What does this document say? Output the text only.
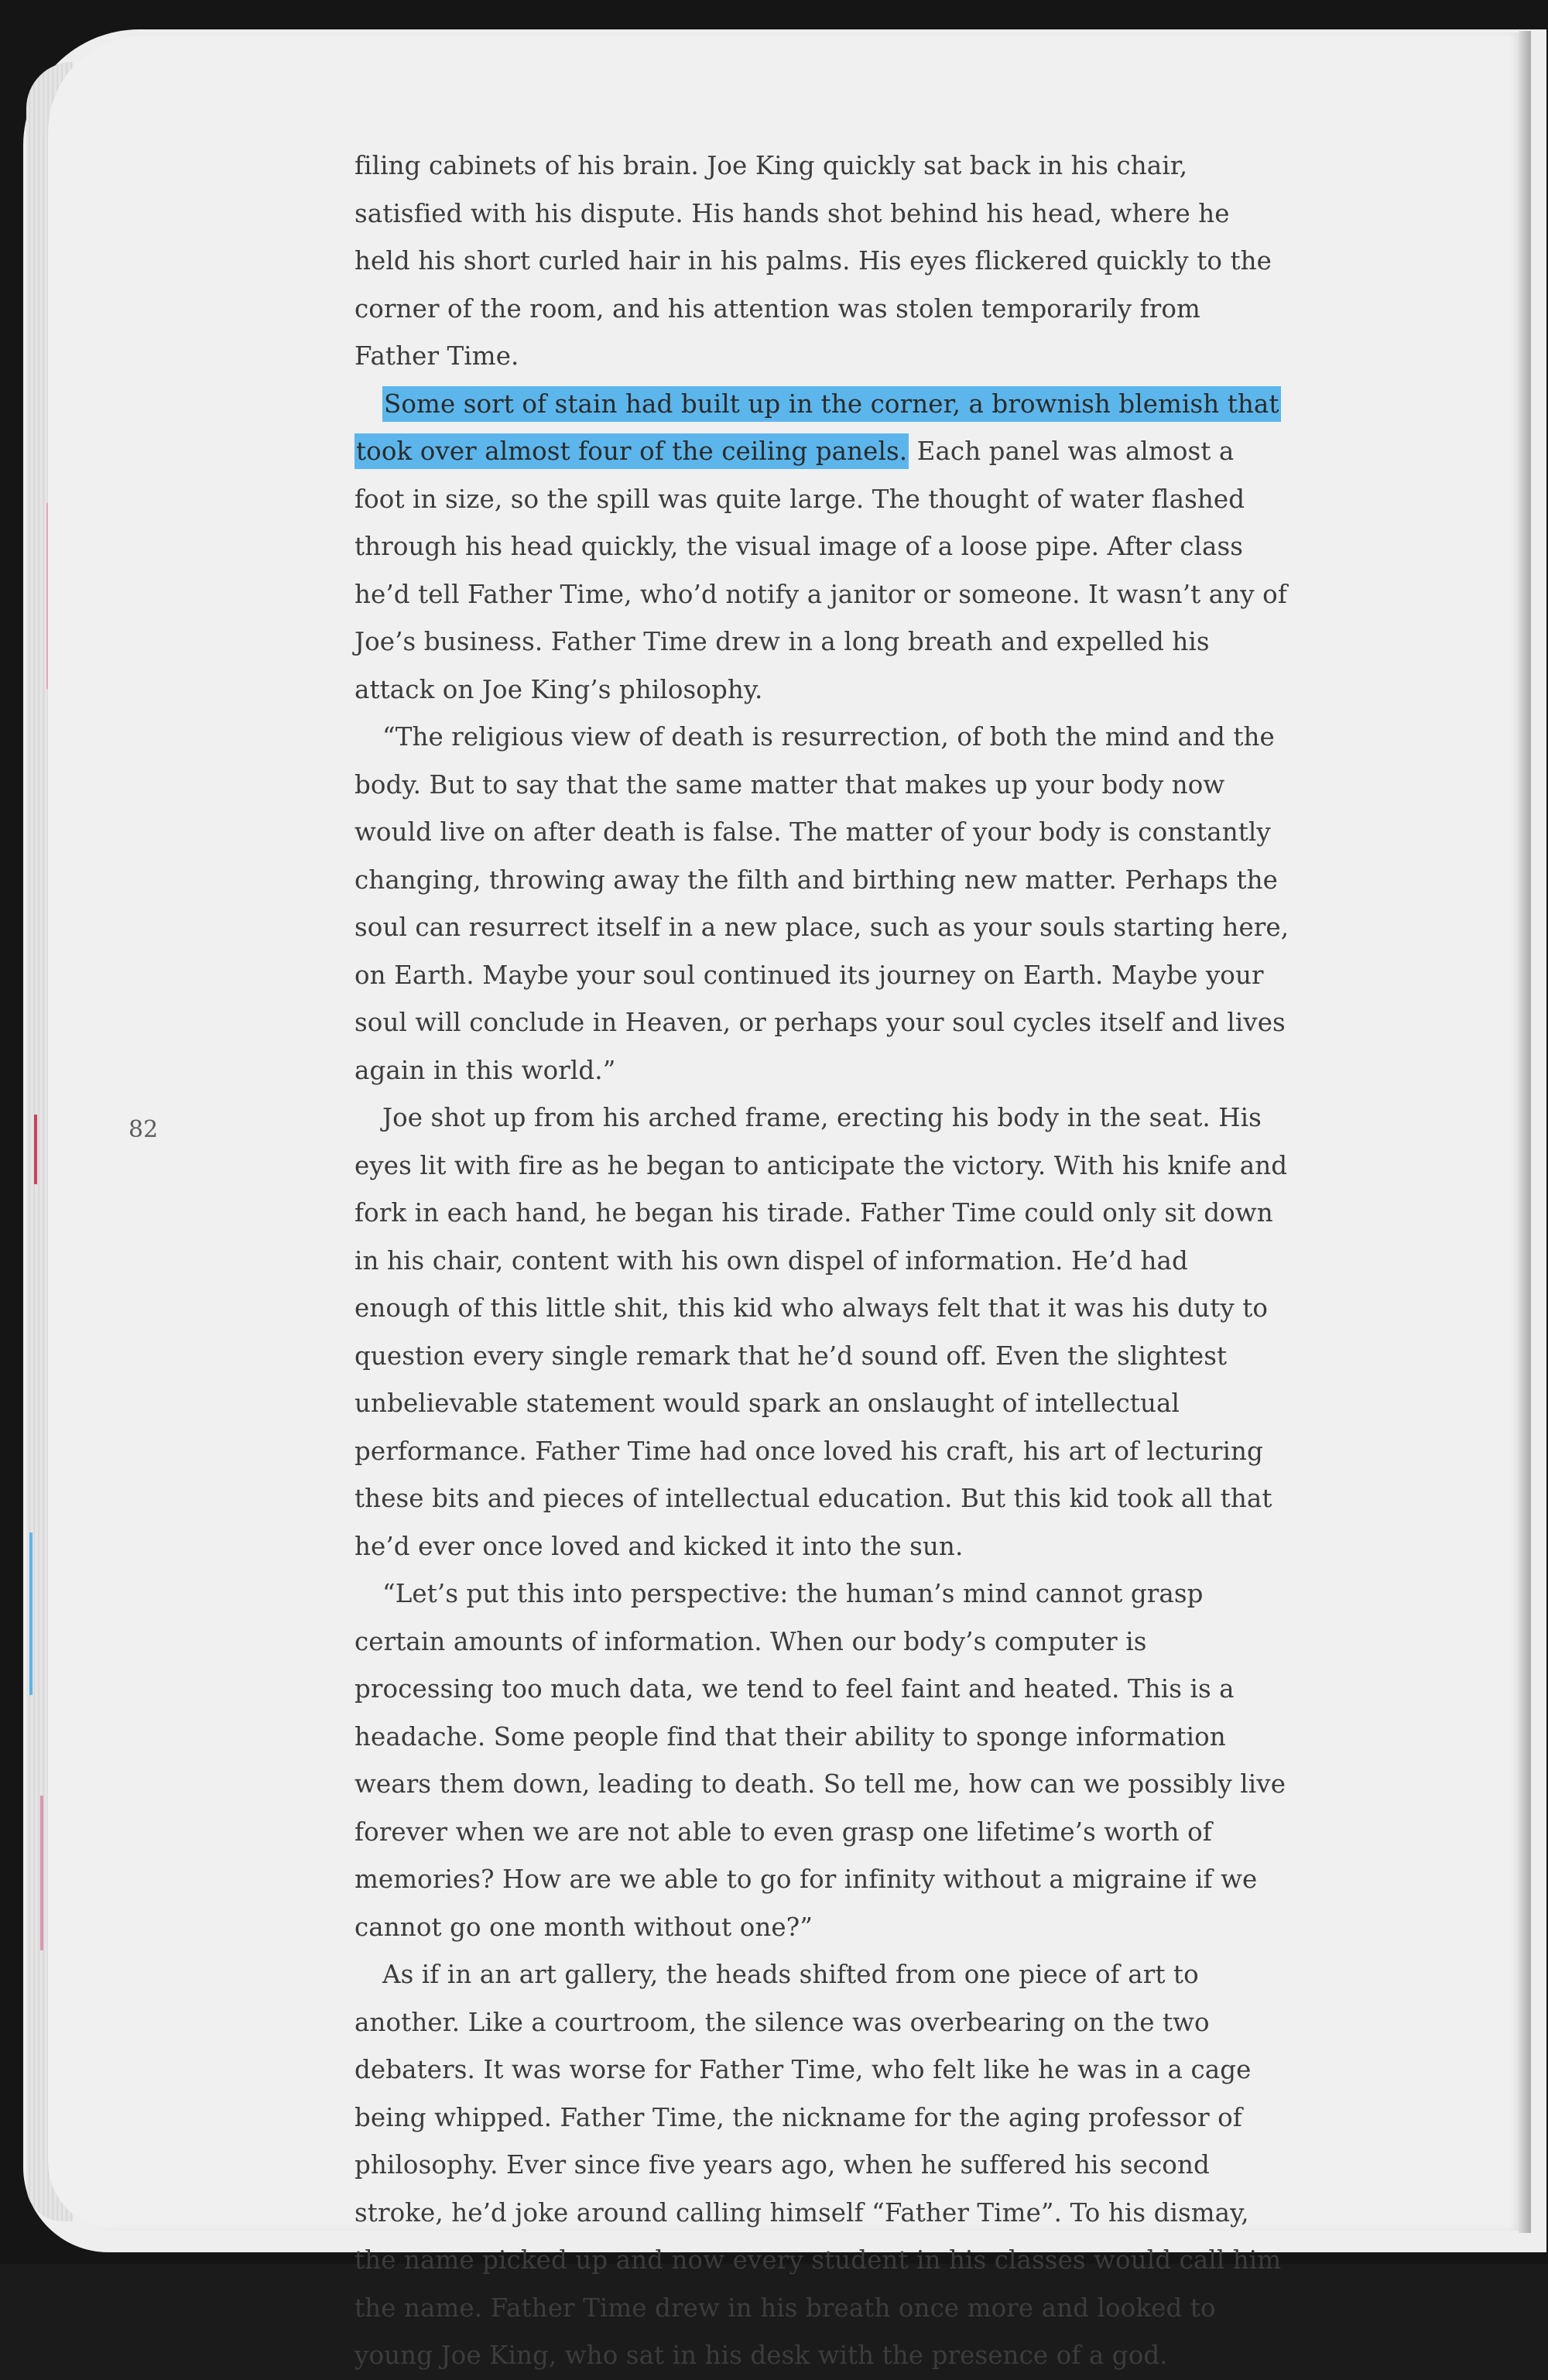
82

filing cabinets of his brain. Joe King quickly sat back in his chair, satisfied with his dispute. His hands shot behind his head, where he held his short curled hair in his palms. His eyes flickered quickly to the corner of the room, and his attention was stolen temporarily from Father Time.

Some sort of stain had built up in the corner, a brownish blemish that took over almost four of the ceiling panels. Each panel was almost a foot in size, so the spill was quite large. The thought of water flashed through his head quickly, the visual image of a loose pipe. After class he’d tell Father Time, who’d notify a janitor or someone. It wasn’t any of Joe’s business. Father Time drew in a long breath and expelled his attack on Joe King’s philosophy.

“The religious view of death is resurrection, of both the mind and the body. But to say that the same matter that makes up your body now would live on after death is false. The matter of your body is constantly changing, throwing away the filth and birthing new matter. Perhaps the soul can resurrect itself in a new place, such as your souls starting here, on Earth. Maybe your soul continued its journey on Earth. Maybe your soul will conclude in Heaven, or perhaps your soul cycles itself and lives again in this world.”

Joe shot up from his arched frame, erecting his body in the seat. His eyes lit with fire as he began to anticipate the victory. With his knife and fork in each hand, he began his tirade. Father Time could only sit down in his chair, content with his own dispel of information. He’d had enough of this little shit, this kid who always felt that it was his duty to question every single remark that he’d sound off. Even the slightest unbelievable statement would spark an onslaught of intellectual performance. Father Time had once loved his craft, his art of lecturing these bits and pieces of intellectual education. But this kid took all that he’d ever once loved and kicked it into the sun.

“Let’s put this into perspective: the human’s mind cannot grasp certain amounts of information. When our body’s computer is processing too much data, we tend to feel faint and heated. This is a headache. Some people find that their ability to sponge information wears them down, leading to death. So tell me, how can we possibly live forever when we are not able to even grasp one lifetime’s worth of memories? How are we able to go for infinity without a migraine if we cannot go one month without one?”

As if in an art gallery, the heads shifted from one piece of art to another. Like a courtroom, the silence was overbearing on the two debaters. It was worse for Father Time, who felt like he was in a cage being whipped. Father Time, the nickname for the aging professor of philosophy. Ever since five years ago, when he suffered his second stroke, he’d joke around calling himself “Father Time”. To his dismay, the name picked up and now every student in his classes would call him the name. Father Time drew in his breath once more and looked to young Joe King, who sat in his desk with the presence of a god.
